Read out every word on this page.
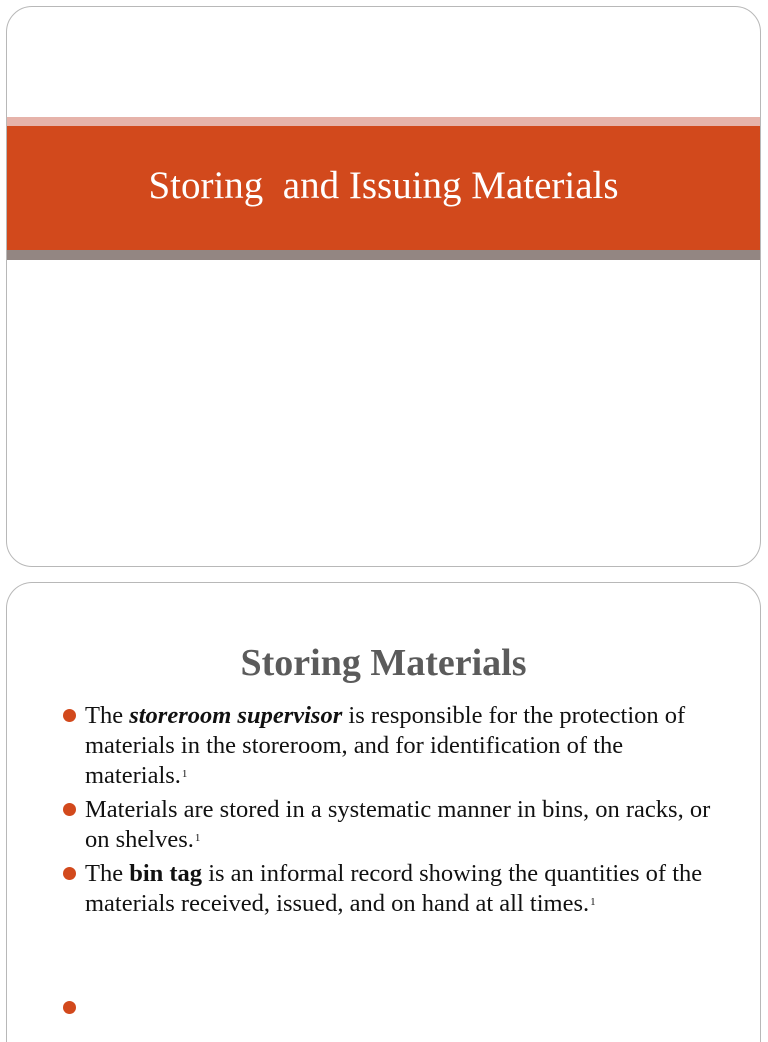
Storing  and Issuing Materials
Storing Materials
The storeroom supervisor is responsible for the protection of materials in the storeroom, and for identification of the materials.$^1$
Materials are stored in a systematic manner in bins, on racks, or on shelves.$^1$
The bin tag is an informal record showing the quantities of the materials received, issued, and on hand at all times.$^1$
